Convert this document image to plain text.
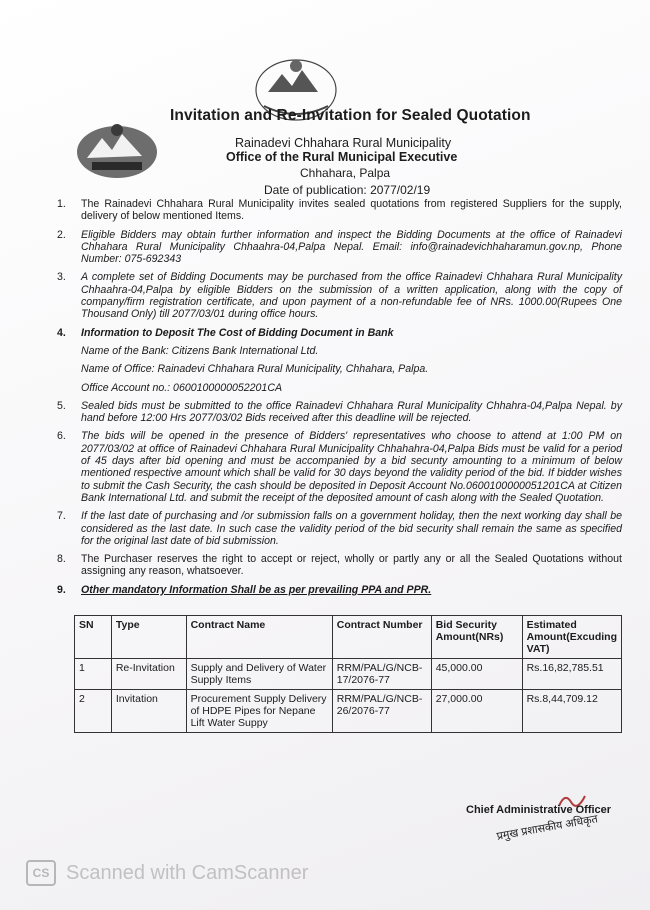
Invitation and Re-Invitation for Sealed Quotation
Rainadevi Chhahara Rural Municipality
Office of the Rural Municipal Executive
Chhahara, Palpa
Date of publication: 2077/02/19
1.	The Rainadevi Chhahara Rural Municipality invites sealed quotations from registered Suppliers for the supply, delivery of below mentioned Items.
2.	Eligible Bidders may obtain further information and inspect the Bidding Documents at the office of Rainadevi Chhahara Rural Municipality Chhaahra-04,Palpa Nepal. Email: info@rainadevichhaharamun.gov.np, Phone Number: 075-692343
3.	A complete set of Bidding Documents may be purchased from the office Rainadevi Chhahara Rural Municipality Chhaahra-04,Palpa by eligible Bidders on the submission of a written application, along with the copy of company/firm registration certificate, and upon payment of a non-refundable fee of NRs. 1000.00(Rupees One Thousand Only) till 2077/03/01 during office hours.
4.	Information to Deposit The Cost of Bidding Document in Bank
Name of the Bank: Citizens Bank International Ltd.
Name of Office: Rainadevi Chhahara Rural Municipality, Chhahara, Palpa.
Office Account no.: 0600100000052201CA
5.	Sealed bids must be submitted to the office Rainadevi Chhahara Rural Municipality Chhahra-04,Palpa Nepal. by hand before 12:00 Hrs 2077/03/02 Bids received after this deadline will be rejected.
6.	The bids will be opened in the presence of Bidders' representatives who choose to attend at 1:00 PM on 2077/03/02 at office of Rainadevi Chhahara Rural Municipality Chhahahra-04,Palpa Bids must be valid for a period of 45 days after bid opening and must be accompanied by a bid secunty amounting to a minimum of below mentioned respective amount which shall be valid for 30 days beyond the validity period of the bid. If bidder wishes to submit the Cash Security, the cash should be deposited in Deposit Account No.0600100000051201CA at Citizen Bank International Ltd. and submit the receipt of the deposited amount of cash along with the Sealed Quotation.
7.	If the last date of purchasing and /or submission falls on a government holiday, then the next working day shall be considered as the last date. In such case the validity period of the bid security shall remain the same as specified for the original last date of bid submission.
8.	The Purchaser reserves the right to accept or reject, wholly or partly any or all the Sealed Quotations without assigning any reason, whatsoever.
9.	Other mandatory Information Shall be as per prevailing PPA and PPR.
SN	Type	Contract Name	Contract Number	Bid Security Amount(NRs)	Estimated Amount(Excuding VAT)
1	Re-Invitation	Supply and Delivery of Water Supply Items	RRM/PAL/G/NCB-17/2076-77	45,000.00	Rs.16,82,785.51
2	Invitation	Procurement Supply Delivery of HDPE Pipes for Nepane Lift Water Suppy	RRM/PAL/G/NCB-26/2076-77	27,000.00	Rs.8,44,709.12
Chief Administrative Officer
प्रमुख प्रशासकीय अधिकृत
CS Scanned with CamScanner
